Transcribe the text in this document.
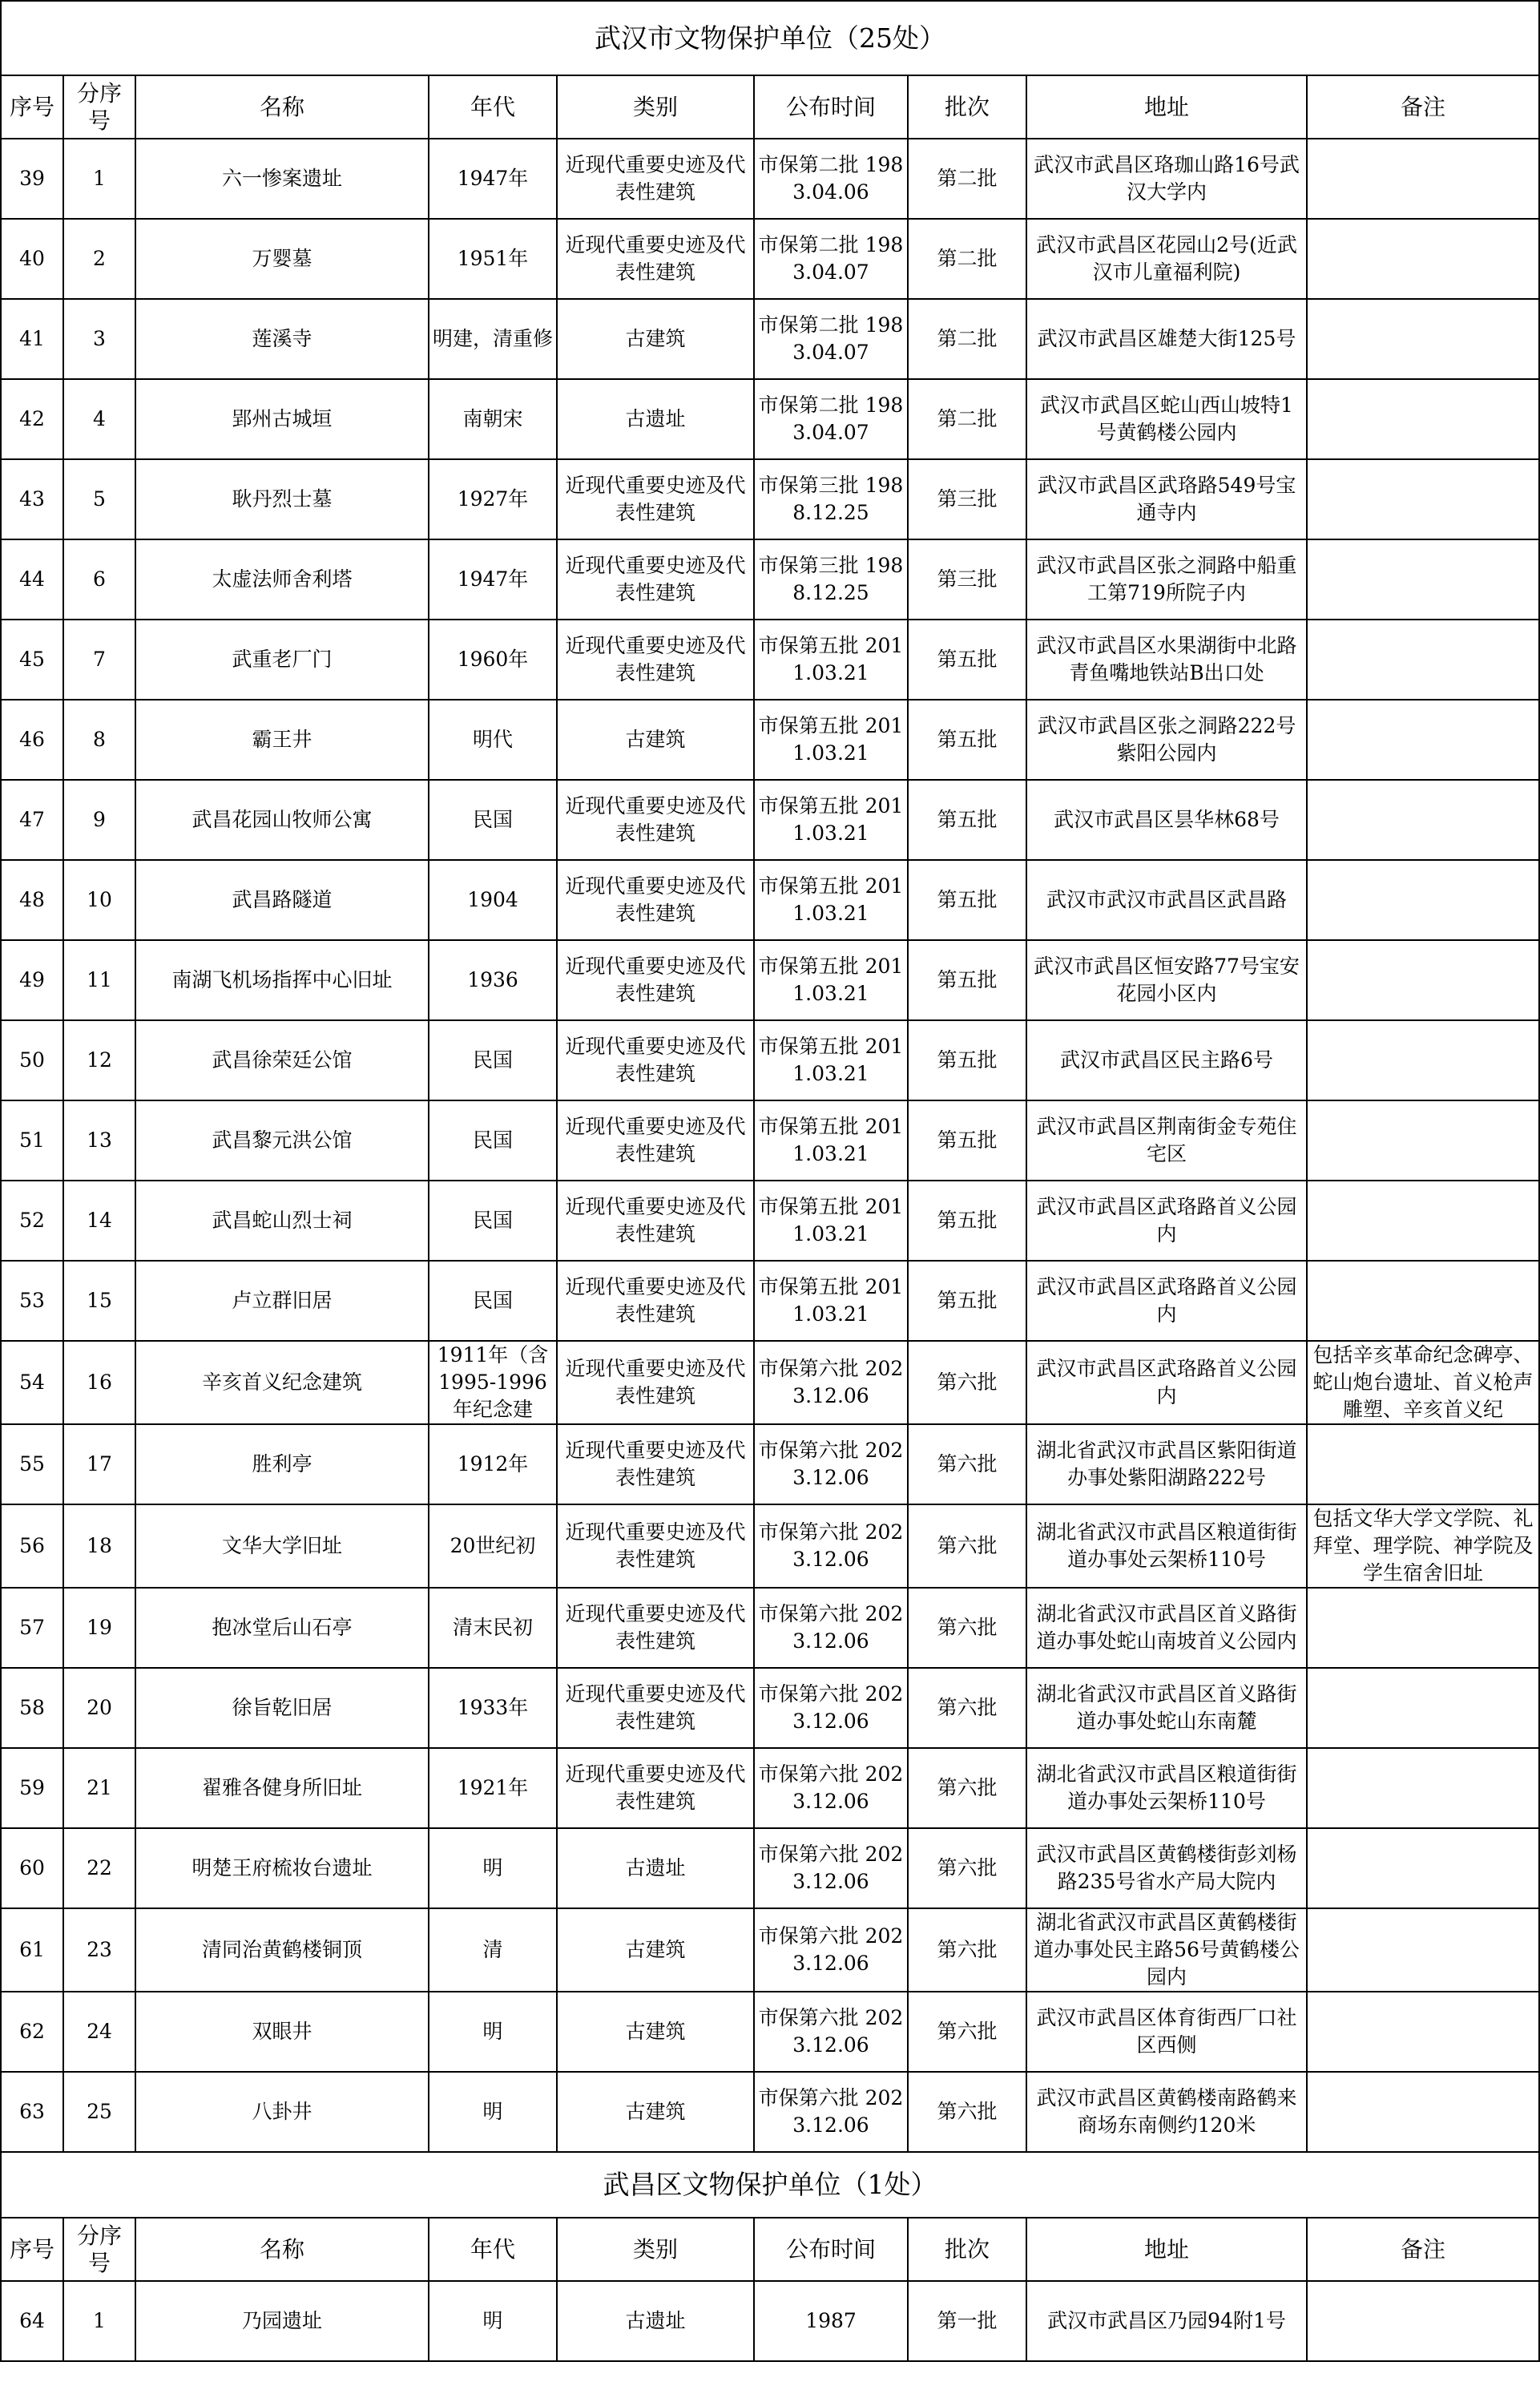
武汉市文物保护单位（25处）								
序号	分序号	名称	年代	类别	公布时间	批次	地址	备注
39	1	六一惨案遗址	1947年	近现代重要史迹及代表性建筑	市保第二批 1983.04.06	第二批	武汉市武昌区珞珈山路16号武汉大学内	
40	2	万婴墓	1951年	近现代重要史迹及代表性建筑	市保第二批 1983.04.07	第二批	武汉市武昌区花园山2号(近武汉市儿童福利院)	
41	3	莲溪寺	明建，清重修	古建筑	市保第二批 1983.04.07	第二批	武汉市武昌区雄楚大街125号	
42	4	郢州古城垣	南朝宋	古遗址	市保第二批 1983.04.07	第二批	武汉市武昌区蛇山西山坡特1号黄鹤楼公园内	
43	5	耿丹烈士墓	1927年	近现代重要史迹及代表性建筑	市保第三批 1988.12.25	第三批	武汉市武昌区武珞路549号宝通寺内	
44	6	太虚法师舍利塔	1947年	近现代重要史迹及代表性建筑	市保第三批 1988.12.25	第三批	武汉市武昌区张之洞路中船重工第719所院子内	
45	7	武重老厂门	1960年	近现代重要史迹及代表性建筑	市保第五批 2011.03.21	第五批	武汉市武昌区水果湖街中北路青鱼嘴地铁站B出口处	
46	8	霸王井	明代	古建筑	市保第五批 2011.03.21	第五批	武汉市武昌区张之洞路222号紫阳公园内	
47	9	武昌花园山牧师公寓	民国	近现代重要史迹及代表性建筑	市保第五批 2011.03.21	第五批	武汉市武昌区昙华林68号	
48	10	武昌路隧道	1904	近现代重要史迹及代表性建筑	市保第五批 2011.03.21	第五批	武汉市武汉市武昌区武昌路	
49	11	南湖飞机场指挥中心旧址	1936	近现代重要史迹及代表性建筑	市保第五批 2011.03.21	第五批	武汉市武昌区恒安路77号宝安花园小区内	
50	12	武昌徐荣廷公馆	民国	近现代重要史迹及代表性建筑	市保第五批 2011.03.21	第五批	武汉市武昌区民主路6号	
51	13	武昌黎元洪公馆	民国	近现代重要史迹及代表性建筑	市保第五批 2011.03.21	第五批	武汉市武昌区荆南街金专苑住宅区	
52	14	武昌蛇山烈士祠	民国	近现代重要史迹及代表性建筑	市保第五批 2011.03.21	第五批	武汉市武昌区武珞路首义公园内	
53	15	卢立群旧居	民国	近现代重要史迹及代表性建筑	市保第五批 2011.03.21	第五批	武汉市武昌区武珞路首义公园内	
54	16	辛亥首义纪念建筑	1911年（含1995-1996年纪念建	近现代重要史迹及代表性建筑	市保第六批 2023.12.06	第六批	武汉市武昌区武珞路首义公园内	包括辛亥革命纪念碑亭、蛇山炮台遗址、首义枪声雕塑、辛亥首义纪
55	17	胜利亭	1912年	近现代重要史迹及代表性建筑	市保第六批 2023.12.06	第六批	湖北省武汉市武昌区紫阳街道办事处紫阳湖路222号	
56	18	文华大学旧址	20世纪初	近现代重要史迹及代表性建筑	市保第六批 2023.12.06	第六批	湖北省武汉市武昌区粮道街街道办事处云架桥110号	包括文华大学文学院、礼拜堂、理学院、神学院及学生宿舍旧址
57	19	抱冰堂后山石亭	清末民初	近现代重要史迹及代表性建筑	市保第六批 2023.12.06	第六批	湖北省武汉市武昌区首义路街道办事处蛇山南坡首义公园内	
58	20	徐旨乾旧居	1933年	近现代重要史迹及代表性建筑	市保第六批 2023.12.06	第六批	湖北省武汉市武昌区首义路街道办事处蛇山东南麓	
59	21	翟雅各健身所旧址	1921年	近现代重要史迹及代表性建筑	市保第六批 2023.12.06	第六批	湖北省武汉市武昌区粮道街街道办事处云架桥110号	
60	22	明楚王府梳妆台遗址	明	古遗址	市保第六批 2023.12.06	第六批	武汉市武昌区黄鹤楼街彭刘杨路235号省水产局大院内	
61	23	清同治黄鹤楼铜顶	清	古建筑	市保第六批 2023.12.06	第六批	湖北省武汉市武昌区黄鹤楼街道办事处民主路56号黄鹤楼公园内	
62	24	双眼井	明	古建筑	市保第六批 2023.12.06	第六批	武汉市武昌区体育街西厂口社区西侧	
63	25	八卦井	明	古建筑	市保第六批 2023.12.06	第六批	武汉市武昌区黄鹤楼南路鹤来商场东南侧约120米	
武昌区文物保护单位（1处）								
序号	分序号	名称	年代	类别	公布时间	批次	地址	备注
64	1	乃园遗址	明	古遗址	1987	第一批	武汉市武昌区乃园94附1号	
